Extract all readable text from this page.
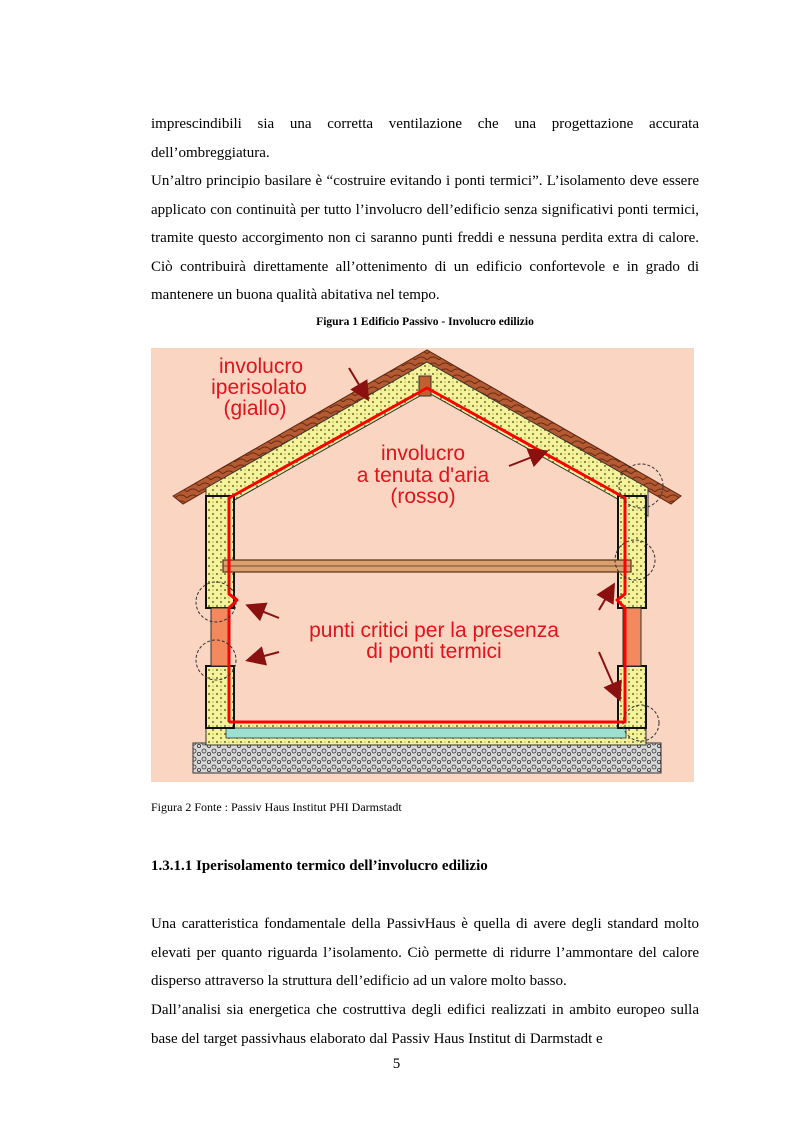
imprescindibili sia una corretta ventilazione che una progettazione accurata dell’ombreggiatura.

Un’altro principio basilare è “costruire evitando i ponti termici”. L’isolamento deve essere applicato con continuità per tutto l’involucro dell’edificio senza significativi ponti termici, tramite questo accorgimento non ci saranno punti freddi e nessuna perdita extra di calore. Ciò contribuirà direttamente all’ottenimento di un edificio confortevole e in grado di mantenere un buona qualità abitativa nel tempo.

Figura 1 Edificio Passivo - Involucro edilizio
involucro
iperisolato
(giallo)
involucro
a tenuta d'aria
(rosso)
punti critici per la presenza
di ponti termici
Figura 2 Fonte : Passiv Haus Institut PHI Darmstadt
1.3.1.1 Iperisolamento termico dell’involucro edilizio

Una caratteristica fondamentale della PassivHaus è quella di avere degli standard molto elevati per quanto riguarda l’isolamento. Ciò permette di ridurre l’ammontare del calore disperso attraverso la struttura dell’edificio ad un valore molto basso.

Dall’analisi sia energetica che costruttiva degli edifici realizzati in ambito europeo sulla base del target passivhaus elaborato dal Passiv Haus Institut di Darmstadt e

5
